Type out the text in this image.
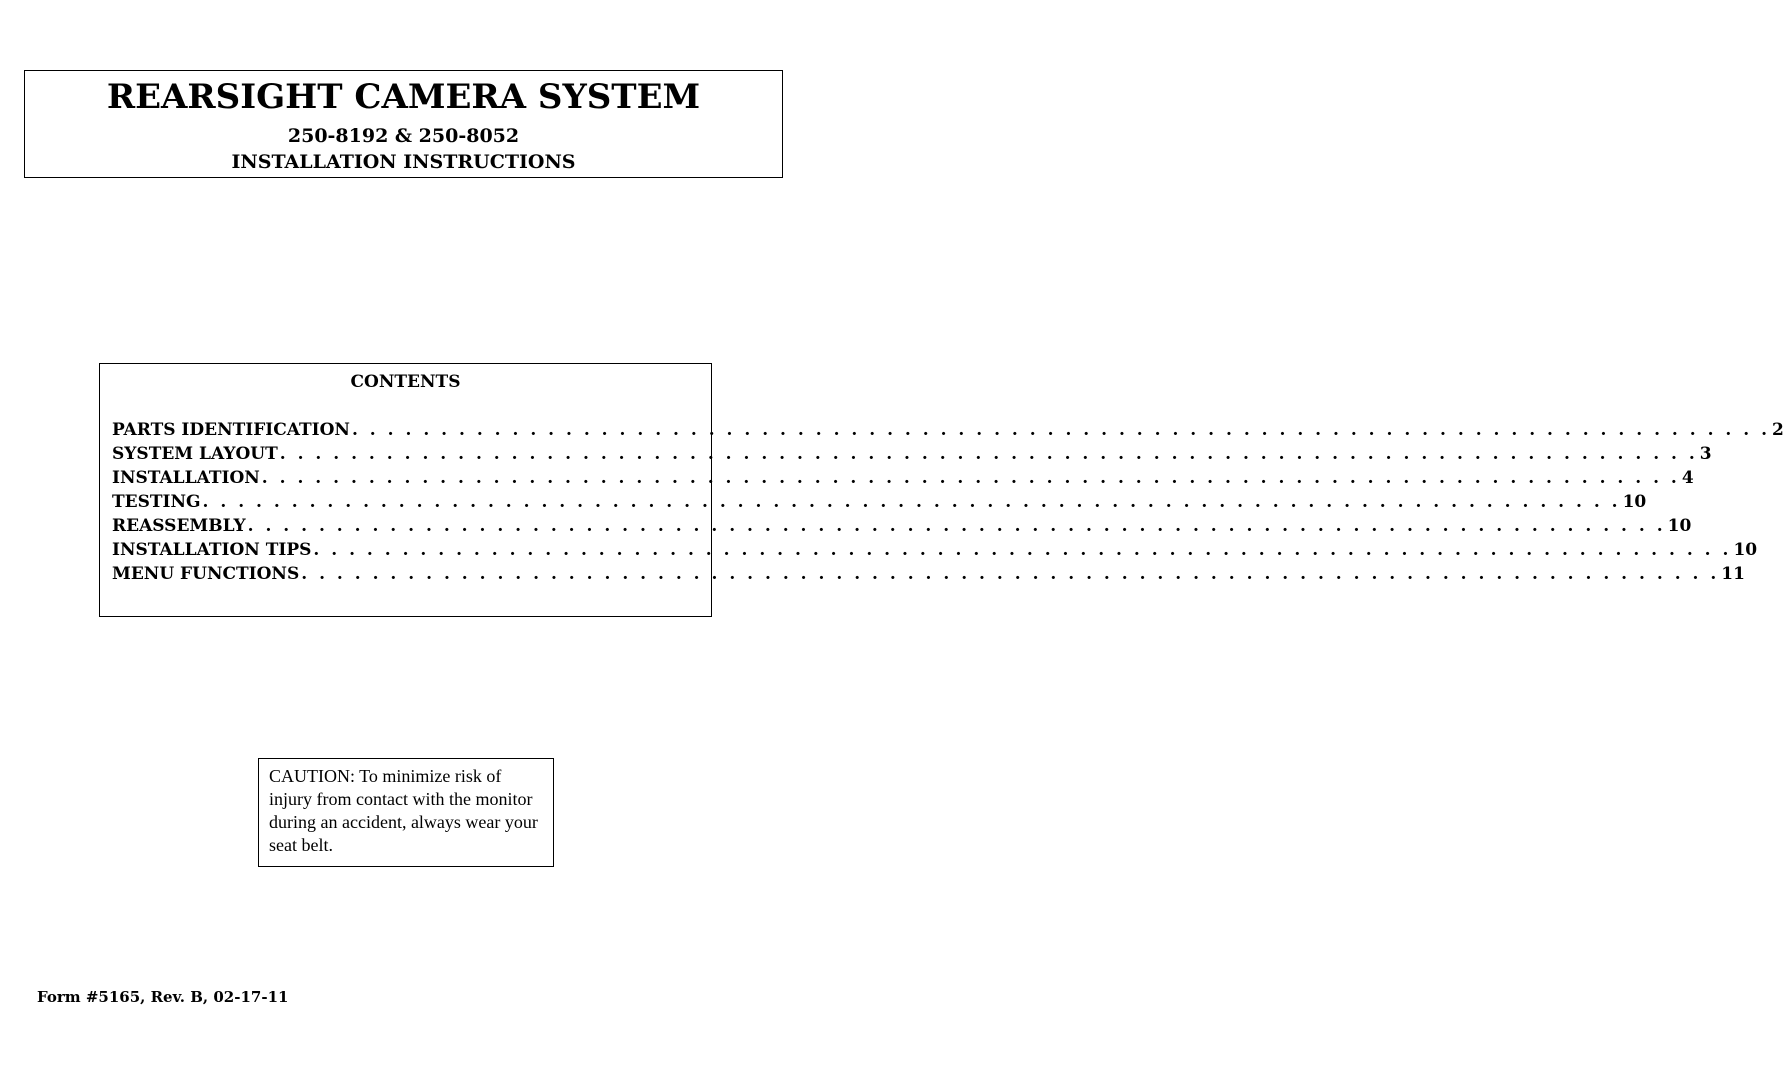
REARSIGHT CAMERA SYSTEM
250-8192 & 250-8052
INSTALLATION INSTRUCTIONS
CONTENTS
PARTS IDENTIFICATION . . . . . . . . . . . . . . . . . . . . . . . . . . . . . . . . . . . . . . . . . . . . . . . . . . . . . . . . . . . . . . . . . . . . . . . . . . . . . . . . 2
SYSTEM LAYOUT . . . . . . . . . . . . . . . . . . . . . . . . . . . . . . . . . . . . . . . . . . . . . . . . . . . . . . . . . . . . . . . . . . . . . . . . . . . . . . . . 3
INSTALLATION . . . . . . . . . . . . . . . . . . . . . . . . . . . . . . . . . . . . . . . . . . . . . . . . . . . . . . . . . . . . . . . . . . . . . . . . . . . . . . . . 4
TESTING . . . . . . . . . . . . . . . . . . . . . . . . . . . . . . . . . . . . . . . . . . . . . . . . . . . . . . . . . . . . . . . . . . . . . . . . . . . . . . . . 10
REASSEMBLY . . . . . . . . . . . . . . . . . . . . . . . . . . . . . . . . . . . . . . . . . . . . . . . . . . . . . . . . . . . . . . . . . . . . . . . . . . . . . . . . 10
INSTALLATION TIPS . . . . . . . . . . . . . . . . . . . . . . . . . . . . . . . . . . . . . . . . . . . . . . . . . . . . . . . . . . . . . . . . . . . . . . . . . . . . . . . . 10
MENU FUNCTIONS . . . . . . . . . . . . . . . . . . . . . . . . . . . . . . . . . . . . . . . . . . . . . . . . . . . . . . . . . . . . . . . . . . . . . . . . . . . . . . . . 11
CAUTION: To minimize risk of injury from contact with the monitor during an accident, always wear your seat belt.
Form #5165, Rev. B, 02-17-11
